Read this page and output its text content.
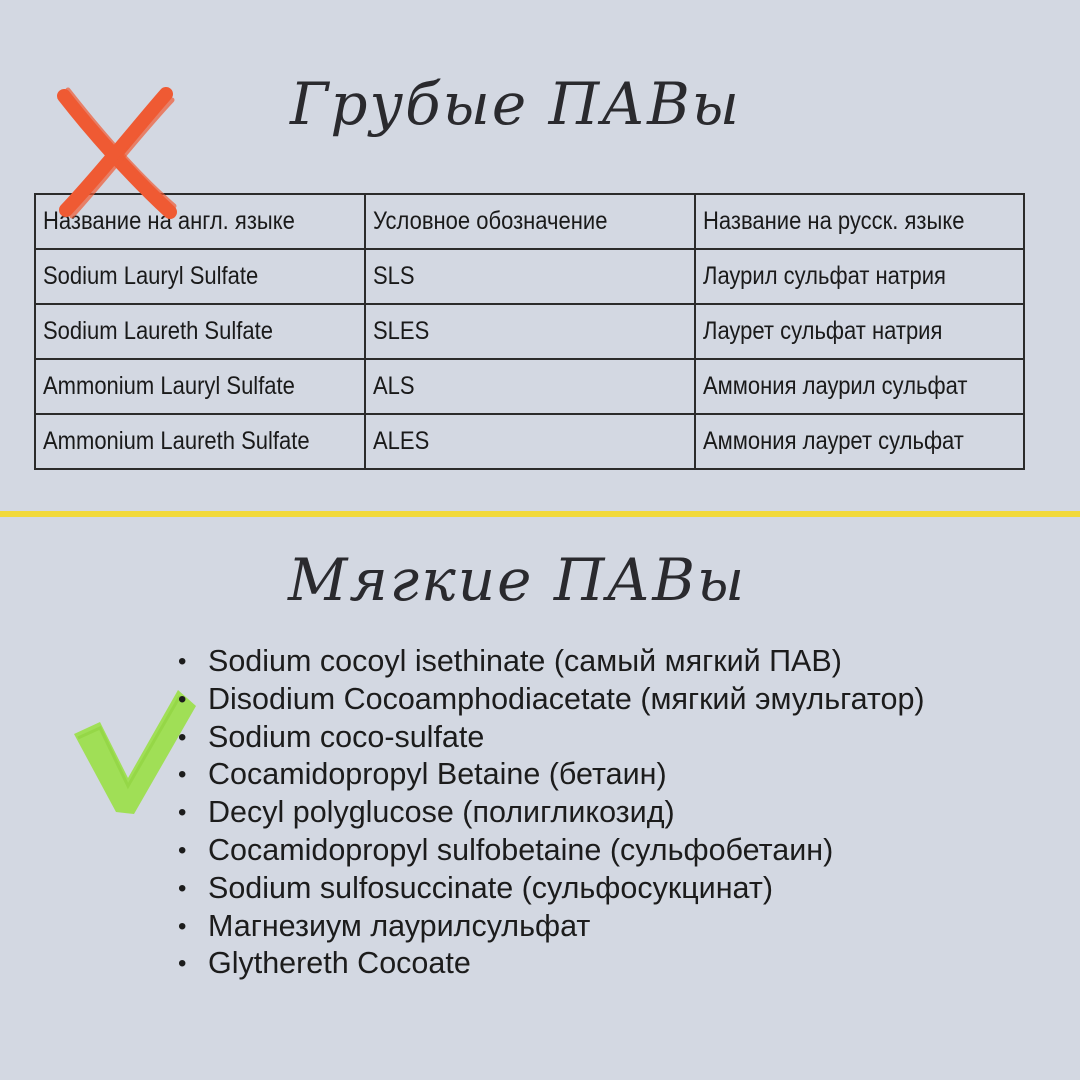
Грубые ПАВы
Название на англ. языке	Условное обозначение	Название на русск. языке
Sodium Lauryl Sulfate	SLS	Лаурил сульфат натрия
Sodium Laureth Sulfate	SLES	Лаурет сульфат натрия
Ammonium Lauryl Sulfate	ALS	Аммония лаурил сульфат
Ammonium Laureth Sulfate	ALES	Аммония лаурет сульфат
Мягкие ПАВы
• Sodium cocoyl isethinate (самый мягкий ПАВ)
• Disodium Cocoamphodiacetate (мягкий эмульгатор)
• Sodium coco-sulfate
• Cocamidopropyl Betaine (бетаин)
• Decyl polyglucose (полигликозид)
• Cocamidopropyl sulfobetaine (сульфобетаин)
• Sodium sulfosuccinate (сульфосукцинат)
• Магнезиум лаурилсульфат
• Glythereth Cocoate
